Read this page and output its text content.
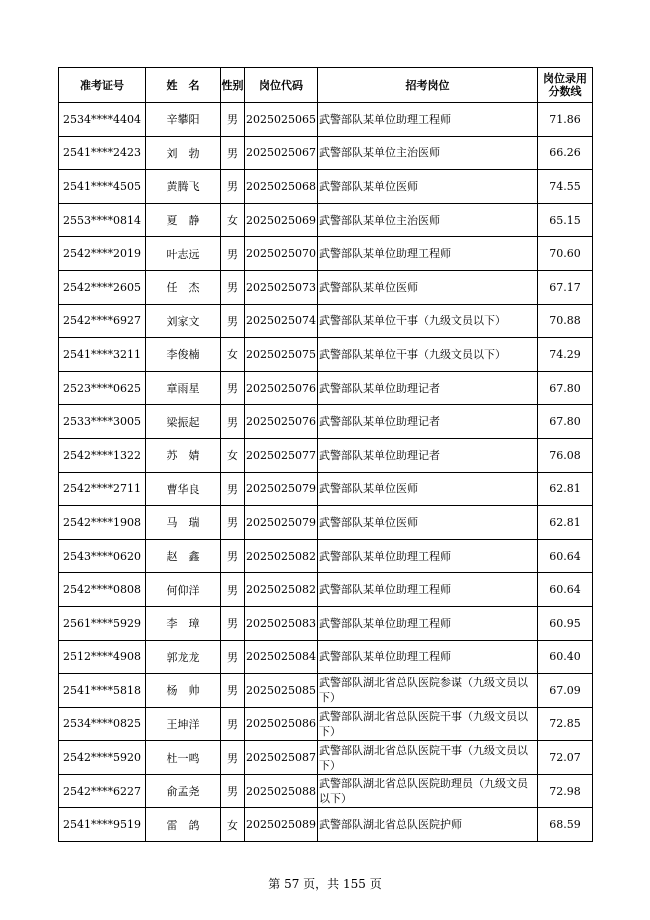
准考证号	姓　名	性别	岗位代码	招考岗位	岗位录用分数线
2534****4404	辛攀阳	男	2025025065	武警部队某单位助理工程师	71.86
2541****2423	刘　勃	男	2025025067	武警部队某单位主治医师	66.26
2541****4505	黄腾飞	男	2025025068	武警部队某单位医师	74.55
2553****0814	夏　静	女	2025025069	武警部队某单位主治医师	65.15
2542****2019	叶志远	男	2025025070	武警部队某单位助理工程师	70.60
2542****2605	任　杰	男	2025025073	武警部队某单位医师	67.17
2542****6927	刘家文	男	2025025074	武警部队某单位干事（九级文员以下）	70.88
2541****3211	李俊楠	女	2025025075	武警部队某单位干事（九级文员以下）	74.29
2523****0625	章雨星	男	2025025076	武警部队某单位助理记者	67.80
2533****3005	梁振起	男	2025025076	武警部队某单位助理记者	67.80
2542****1322	苏　婧	女	2025025077	武警部队某单位助理记者	76.08
2542****2711	曹华良	男	2025025079	武警部队某单位医师	62.81
2542****1908	马　瑞	男	2025025079	武警部队某单位医师	62.81
2543****0620	赵　鑫	男	2025025082	武警部队某单位助理工程师	60.64
2542****0808	何仰洋	男	2025025082	武警部队某单位助理工程师	60.64
2561****5929	李　璋	男	2025025083	武警部队某单位助理工程师	60.95
2512****4908	郭龙龙	男	2025025084	武警部队某单位助理工程师	60.40
2541****5818	杨　帅	男	2025025085	武警部队湖北省总队医院参谋（九级文员以下）	67.09
2534****0825	王坤洋	男	2025025086	武警部队湖北省总队医院干事（九级文员以下）	72.85
2542****5920	杜一鸣	男	2025025087	武警部队湖北省总队医院干事（九级文员以下）	72.07
2542****6227	俞孟尧	男	2025025088	武警部队湖北省总队医院助理员（九级文员以下）	72.98
2541****9519	雷　鸽	女	2025025089	武警部队湖北省总队医院护师	68.59
第 57 页，共 155 页
